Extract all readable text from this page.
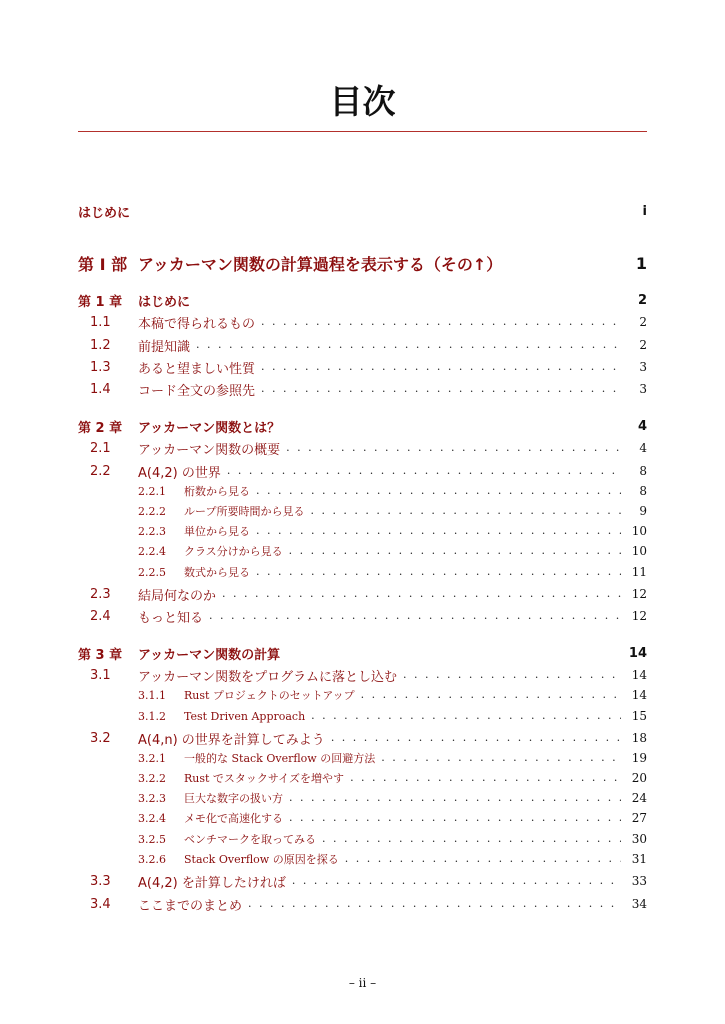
目次
はじめに	i
第 I 部 アッカーマン関数の計算過程を表示する（その↑）	1
第 1 章	はじめに	2
1.1	本稿で得られるもの . . .	2
1.2	前提知識 . . .	2
1.3	あると望ましい性質 . . .	3
1.4	コード全文の参照先 . . .	3
第 2 章	アッカーマン関数とは？	4
2.1	アッカーマン関数の概要 . . .	4
2.2	A(4,2) の世界 . . .	8
2.2.1	桁数から見る . . .	8
2.2.2	ループ所要時間から見る . . .	9
2.2.3	単位から見る . . .	10
2.2.4	クラス分けから見る . . .	10
2.2.5	数式から見る . . .	11
2.3	結局何なのか . . .	12
2.4	もっと知る . . .	12
第 3 章	アッカーマン関数の計算	14
3.1	アッカーマン関数をプログラムに落とし込む . . .	14
3.1.1	Rust プロジェクトのセットアップ . . .	14
3.1.2	Test Driven Approach . . .	15
3.2	A(4,n) の世界を計算してみよう . . .	18
3.2.1	一般的な Stack Overflow の回避方法 . . .	19
3.2.2	Rust でスタックサイズを増やす . . .	20
3.2.3	巨大な数字の扱い方 . . .	24
3.2.4	メモ化で高速化する . . .	27
3.2.5	ベンチマークを取ってみる . . .	30
3.2.6	Stack Overflow の原因を探る . . .	31
3.3	A(4,2) を計算したければ . . .	33
3.4	ここまでのまとめ . . .	34
– ii –
